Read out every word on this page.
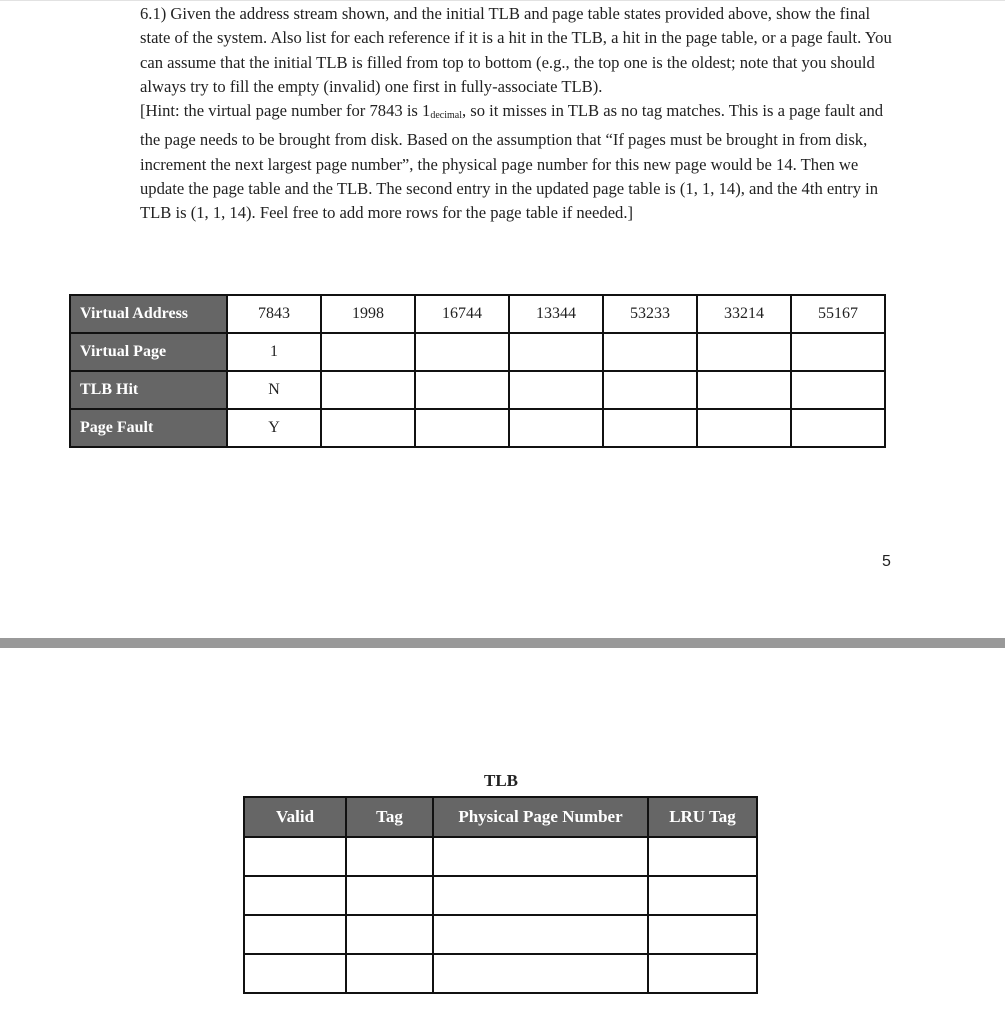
6.1) Given the address stream shown, and the initial TLB and page table states provided above, show the final state of the system. Also list for each reference if it is a hit in the TLB, a hit in the page table, or a page fault. You can assume that the initial TLB is filled from top to bottom (e.g., the top one is the oldest; note that you should always try to fill the empty (invalid) one first in fully-associate TLB).

[Hint: the virtual page number for 7843 is $1_{decimal}$, so it misses in TLB as no tag matches. This is a page fault and the page needs to be brought from disk. Based on the assumption that “If pages must be brought in from disk, increment the next largest page number”, the physical page number for this new page would be 14. Then we update the page table and the TLB. The second entry in the updated page table is (1, 1, 14), and the 4th entry in TLB is (1, 1, 14). Feel free to add more rows for the page table if needed.]

Virtual Address	7843	1998	16744	13344	53233	33214	55167
Virtual Page	1						
TLB Hit	N						
Page Fault	Y						
5
TLB
Valid	Tag	Physical Page Number	LRU Tag
